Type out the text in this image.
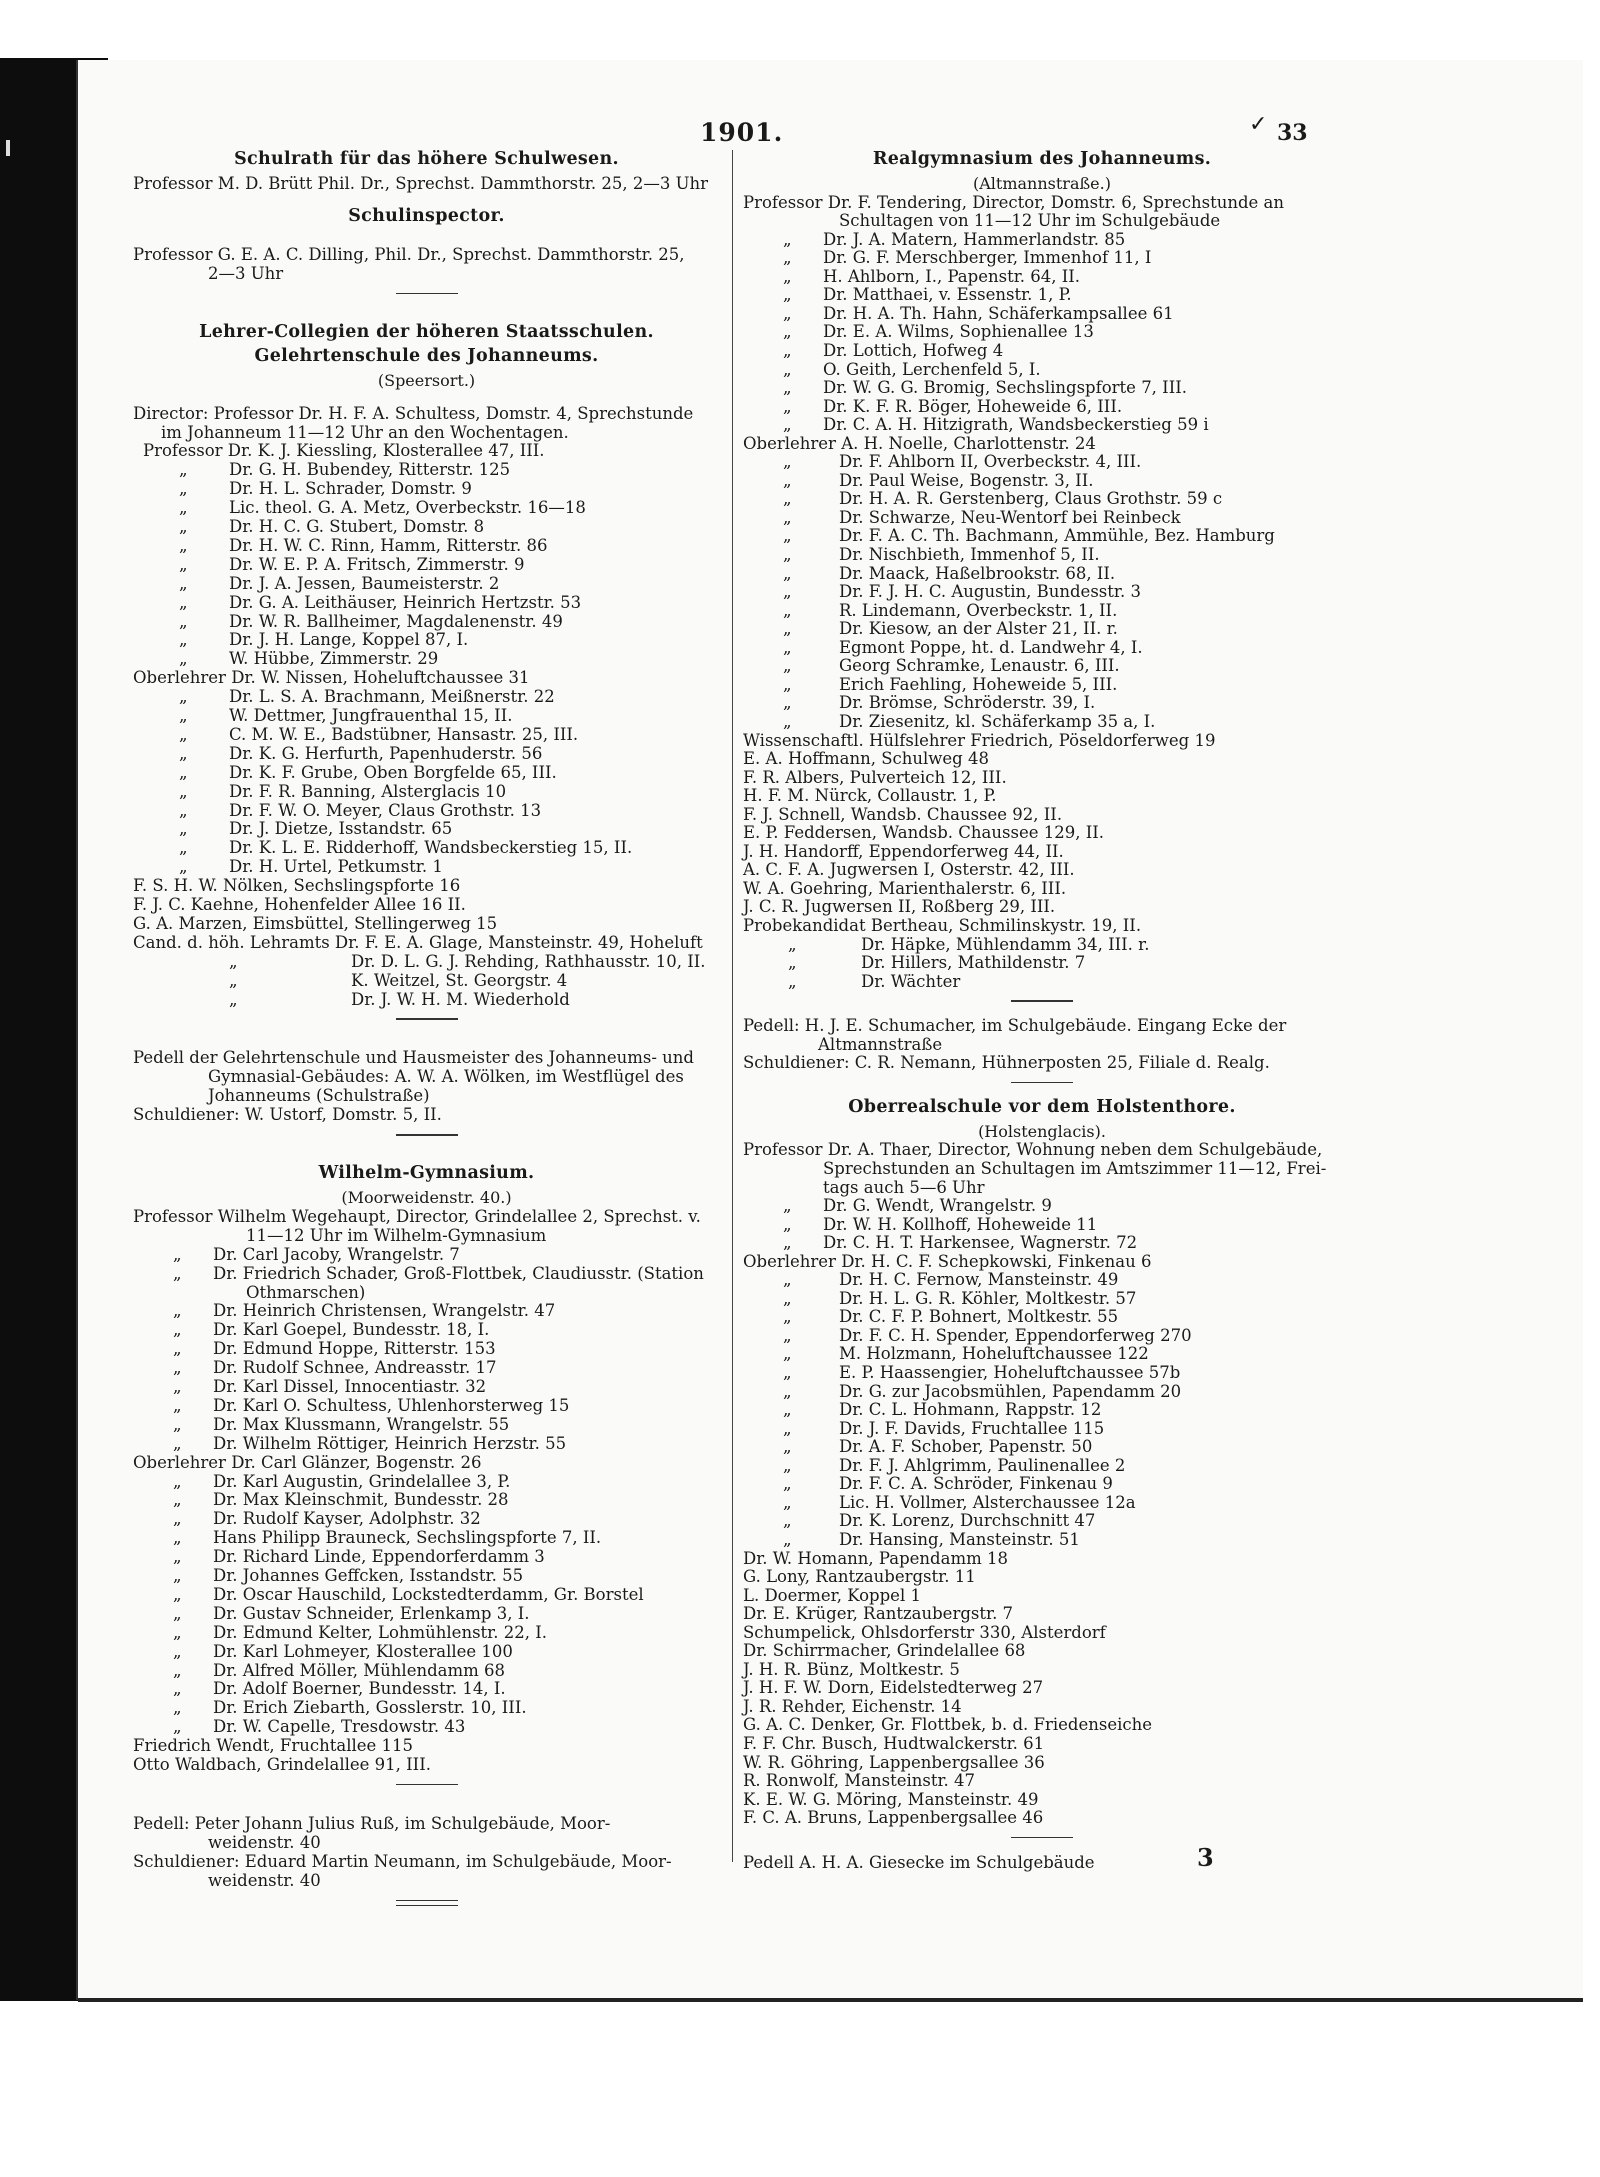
1901.	✓ 33
Schulrath für das höhere Schulwesen.
Professor M. D. Brütt Phil. Dr., Sprechst. Dammthorstr. 25, 2—3 Uhr
Schulinspector.
Professor G. E. A. C. Dilling, Phil. Dr., Sprechst. Dammthorstr. 25,
2—3 Uhr
Lehrer-Collegien der höheren Staatsschulen.
Gelehrtenschule des Johanneums.
(Speersort.)
Director: Professor Dr. H. F. A. Schultess, Domstr. 4, Sprechstunde
im Johanneum 11—12 Uhr an den Wochentagen.
Professor Dr. K. J. Kiessling, Klosterallee 47, III.
Dr. G. H. Bubendey, Ritterstr. 125
„
Dr. H. L. Schrader, Domstr. 9
„
Lic. theol. G. A. Metz, Overbeckstr. 16—18
„
Dr. H. C. G. Stubert, Domstr. 8
„
Dr. H. W. C. Rinn, Hamm, Ritterstr. 86
„
Dr. W. E. P. A. Fritsch, Zimmerstr. 9
„
Dr. J. A. Jessen, Baumeisterstr. 2
„
Dr. G. A. Leithäuser, Heinrich Hertzstr. 53
„
Dr. W. R. Ballheimer, Magdalenenstr. 49
„
Dr. J. H. Lange, Koppel 87, I.
„
W. Hübbe, Zimmerstr. 29
„
Oberlehrer Dr. W. Nissen, Hoheluftchaussee 31
Dr. L. S. A. Brachmann, Meißnerstr. 22
„
W. Dettmer, Jungfrauenthal 15, II.
„
C. M. W. E., Badstübner, Hansastr. 25, III.
„
Dr. K. G. Herfurth, Papenhuderstr. 56
„
Dr. K. F. Grube, Oben Borgfelde 65, III.
„
Dr. F. R. Banning, Alsterglacis 10
„
Dr. F. W. O. Meyer, Claus Grothstr. 13
„
Dr. J. Dietze, Isstandstr. 65
„
Dr. K. L. E. Ridderhoff, Wandsbeckerstieg 15, II.
„
Dr. H. Urtel, Petkumstr. 1
„
F. S. H. W. Nölken, Sechslingspforte 16
F. J. C. Kaehne, Hohenfelder Allee 16 II.
G. A. Marzen, Eimsbüttel, Stellingerweg 15
Cand. d. höh. Lehramts Dr. F. E. A. Glage, Mansteinstr. 49, Hoheluft
Dr. D. L. G. J. Rehding, Rathhausstr. 10, II.
„
K. Weitzel, St. Georgstr. 4
„
Dr. J. W. H. M. Wiederhold
„
Pedell der Gelehrtenschule und Hausmeister des Johanneums- und
Gymnasial-Gebäudes: A. W. A. Wölken, im Westflügel des
Johanneums (Schulstraße)
Schuldiener: W. Ustorf, Domstr. 5, II.
Wilhelm-Gymnasium.
(Moorweidenstr. 40.)
Professor Wilhelm Wegehaupt, Director, Grindelallee 2, Sprechst. v.
11—12 Uhr im Wilhelm-Gymnasium
Dr. Carl Jacoby, Wrangelstr. 7
„
Dr. Friedrich Schader, Groß-Flottbek, Claudiusstr. (Station
„
Othmarschen)
Dr. Heinrich Christensen, Wrangelstr. 47
„
Dr. Karl Goepel, Bundesstr. 18, I.
„
Dr. Edmund Hoppe, Ritterstr. 153
„
Dr. Rudolf Schnee, Andreasstr. 17
„
Dr. Karl Dissel, Innocentiastr. 32
„
Dr. Karl O. Schultess, Uhlenhorsterweg 15
„
Dr. Max Klussmann, Wrangelstr. 55
„
Dr. Wilhelm Röttiger, Heinrich Herzstr. 55
„
Oberlehrer Dr. Carl Glänzer, Bogenstr. 26
Dr. Karl Augustin, Grindelallee 3, P.
„
Dr. Max Kleinschmit, Bundesstr. 28
„
Dr. Rudolf Kayser, Adolphstr. 32
„
Hans Philipp Brauneck, Sechslingspforte 7, II.
„
Dr. Richard Linde, Eppendorferdamm 3
„
Dr. Johannes Geffcken, Isstandstr. 55
„
Dr. Oscar Hauschild, Lockstedterdamm, Gr. Borstel
„
Dr. Gustav Schneider, Erlenkamp 3, I.
„
Dr. Edmund Kelter, Lohmühlenstr. 22, I.
„
Dr. Karl Lohmeyer, Klosterallee 100
„
Dr. Alfred Möller, Mühlendamm 68
„
Dr. Adolf Boerner, Bundesstr. 14, I.
„
Dr. Erich Ziebarth, Gosslerstr. 10, III.
„
Dr. W. Capelle, Tresdowstr. 43
„
Friedrich Wendt, Fruchtallee 115
Otto Waldbach, Grindelallee 91, III.
Pedell: Peter Johann Julius Ruß, im Schulgebäude, Moor-
weidenstr. 40
Schuldiener: Eduard Martin Neumann, im Schulgebäude, Moor-
weidenstr. 40
Realgymnasium des Johanneums.
(Altmannstraße.)
Professor Dr. F. Tendering, Director, Domstr. 6, Sprechstunde an
Schultagen von 11—12 Uhr im Schulgebäude
Dr. J. A. Matern, Hammerlandstr. 85
„
Dr. G. F. Merschberger, Immenhof 11, I
„
H. Ahlborn, I., Papenstr. 64, II.
„
Dr. Matthaei, v. Essenstr. 1, P.
„
Dr. H. A. Th. Hahn, Schäferkampsallee 61
„
Dr. E. A. Wilms, Sophienallee 13
„
Dr. Lottich, Hofweg 4
„
O. Geith, Lerchenfeld 5, I.
„
Dr. W. G. G. Bromig, Sechslingspforte 7, III.
„
Dr. K. F. R. Böger, Hoheweide 6, III.
„
Dr. C. A. H. Hitzigrath, Wandsbeckerstieg 59 i
„
Oberlehrer A. H. Noelle, Charlottenstr. 24
Dr. F. Ahlborn II, Overbeckstr. 4, III.
„
Dr. Paul Weise, Bogenstr. 3, II.
„
Dr. H. A. R. Gerstenberg, Claus Grothstr. 59 c
„
Dr. Schwarze, Neu-Wentorf bei Reinbeck
„
Dr. F. A. C. Th. Bachmann, Ammühle, Bez. Hamburg
„
Dr. Nischbieth, Immenhof 5, II.
„
Dr. Maack, Haßelbrookstr. 68, II.
„
Dr. F. J. H. C. Augustin, Bundesstr. 3
„
R. Lindemann, Overbeckstr. 1, II.
„
Dr. Kiesow, an der Alster 21, II. r.
„
Egmont Poppe, ht. d. Landwehr 4, I.
„
Georg Schramke, Lenaustr. 6, III.
„
Erich Faehling, Hoheweide 5, III.
„
Dr. Brömse, Schröderstr. 39, I.
„
Dr. Ziesenitz, kl. Schäferkamp 35 a, I.
„
Wissenschaftl. Hülfslehrer Friedrich, Pöseldorferweg 19
E. A. Hoffmann, Schulweg 48
F. R. Albers, Pulverteich 12, III.
H. F. M. Nürck, Collaustr. 1, P.
F. J. Schnell, Wandsb. Chaussee 92, II.
E. P. Feddersen, Wandsb. Chaussee 129, II.
J. H. Handorff, Eppendorferweg 44, II.
A. C. F. A. Jugwersen I, Osterstr. 42, III.
W. A. Goehring, Marienthalerstr. 6, III.
J. C. R. Jugwersen II, Roßberg 29, III.
Probekandidat Bertheau, Schmilinskystr. 19, II.
Dr. Häpke, Mühlendamm 34, III. r.
„
Dr. Hillers, Mathildenstr. 7
„
Dr. Wächter
„
Pedell: H. J. E. Schumacher, im Schulgebäude. Eingang Ecke der
Altmannstraße
Schuldiener: C. R. Nemann, Hühnerposten 25, Filiale d. Realg.
Oberrealschule vor dem Holstenthore.
(Holstenglacis).
Professor Dr. A. Thaer, Director, Wohnung neben dem Schulgebäude,
Sprechstunden an Schultagen im Amtszimmer 11—12, Frei-
tags auch 5—6 Uhr
Dr. G. Wendt, Wrangelstr. 9
„
Dr. W. H. Kollhoff, Hoheweide 11
„
Dr. C. H. T. Harkensee, Wagnerstr. 72
„
Oberlehrer Dr. H. C. F. Schepkowski, Finkenau 6
Dr. H. C. Fernow, Mansteinstr. 49
„
Dr. H. L. G. R. Köhler, Moltkestr. 57
„
Dr. C. F. P. Bohnert, Moltkestr. 55
„
Dr. F. C. H. Spender, Eppendorferweg 270
„
M. Holzmann, Hoheluftchaussee 122
„
E. P. Haassengier, Hoheluftchaussee 57b
„
Dr. G. zur Jacobsmühlen, Papendamm 20
„
Dr. C. L. Hohmann, Rappstr. 12
„
Dr. J. F. Davids, Fruchtallee 115
„
Dr. A. F. Schober, Papenstr. 50
„
Dr. F. J. Ahlgrimm, Paulinenallee 2
„
Dr. F. C. A. Schröder, Finkenau 9
„
Lic. H. Vollmer, Alsterchaussee 12a
„
Dr. K. Lorenz, Durchschnitt 47
„
Dr. Hansing, Mansteinstr. 51
„
Dr. W. Homann, Papendamm 18
G. Lony, Rantzaubergstr. 11
L. Doermer, Koppel 1
Dr. E. Krüger, Rantzaubergstr. 7
Schumpelick, Ohlsdorferstr 330, Alsterdorf
Dr. Schirrmacher, Grindelallee 68
J. H. R. Bünz, Moltkestr. 5
J. H. F. W. Dorn, Eidelstedterweg 27
J. R. Rehder, Eichenstr. 14
G. A. C. Denker, Gr. Flottbek, b. d. Friedenseiche
F. F. Chr. Busch, Hudtwalckerstr. 61
W. R. Göhring, Lappenbergsallee 36
R. Ronwolf, Mansteinstr. 47
K. E. W. G. Möring, Mansteinstr. 49
F. C. A. Bruns, Lappenbergsallee 46
Pedell A. H. A. Giesecke im Schulgebäude	3
